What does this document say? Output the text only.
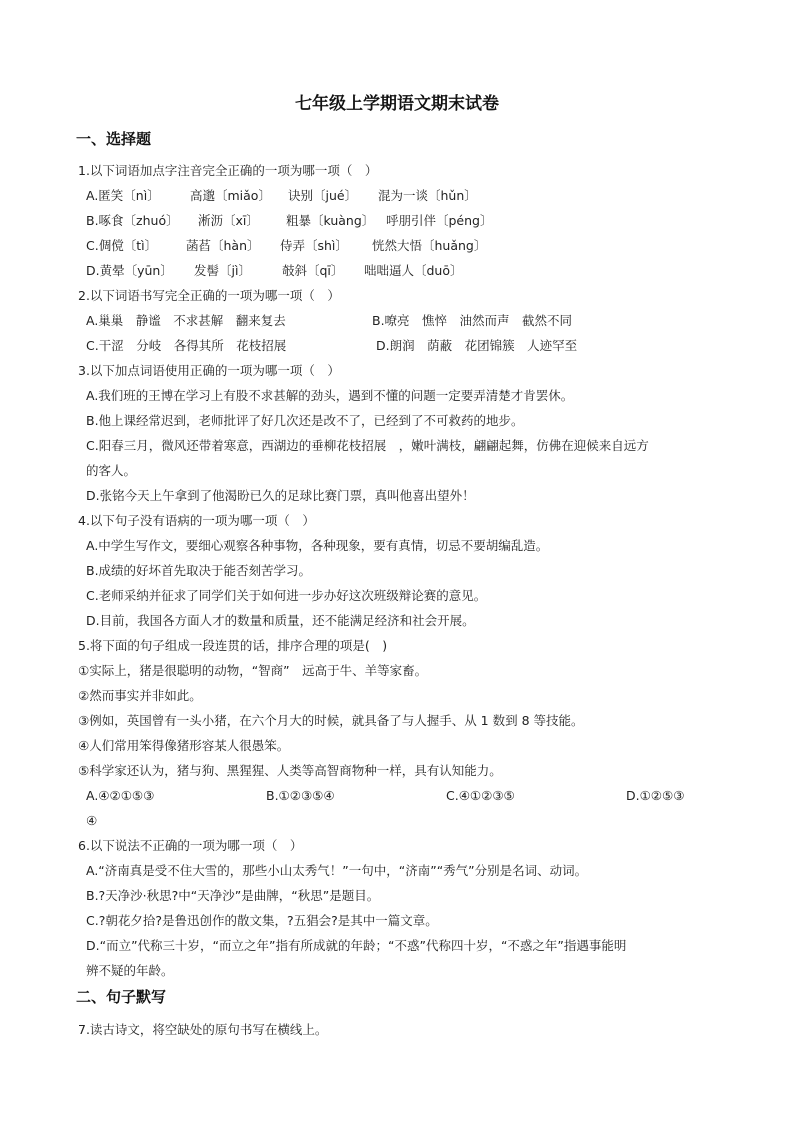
七年级上学期语文期末试卷
一、选择题
1.以下词语加点字注音完全正确的一项为哪一项（　）
A.匿笑〔nì〕 高邈〔miǎo〕 诀别〔jué〕 混为一谈〔hǔn〕
B.啄食〔zhuó〕 淅沥〔xī〕 粗暴〔kuàng〕 呼朋引伴〔péng〕
C.倜傥〔tì〕 菡萏〔hàn〕 侍弄〔shì〕 恍然大悟〔huǎng〕
D.黄晕〔yūn〕 发髻〔jì〕 攲斜〔qī〕 咄咄逼人〔duō〕
2.以下词语书写完全正确的一项为哪一项（　）
A.巢巢　静谧　不求甚解　翻来复去	B.嘹亮　憔悴　油然而声　截然不同
C.干涩　分岐　各得其所　花枝招展	D.朗润　荫蔽　花团锦簇　人迹罕至
3.以下加点词语使用正确的一项为哪一项（　）
A.我们班的王博在学习上有股不求甚解的劲头，遇到不懂的问题一定要弄清楚才肯罢休。
B.他上课经常迟到，老师批评了好几次还是改不了，已经到了不可救药的地步。
C.阳春三月，微风还带着寒意，西湖边的垂柳花枝招展　，嫩叶满枝，翩翩起舞，仿佛在迎候来自远方
的客人。
D.张铭今天上午拿到了他渴盼已久的足球比赛门票，真叫他喜出望外！
4.以下句子没有语病的一项为哪一项（　）
A.中学生写作文，要细心观察各种事物，各种现象，要有真情，切忌不要胡编乱造。
B.成绩的好坏首先取决于能否刻苦学习。
C.老师采纳并征求了同学们关于如何进一步办好这次班级辩论赛的意见。
D.目前，我国各方面人才的数量和质量，还不能满足经济和社会开展。
5.将下面的句子组成一段连贯的话，排序合理的项是(　)
①实际上，猪是很聪明的动物，“智商”　远高于牛、羊等家畜。
②然而事实并非如此。
③例如，英国曾有一头小猪，在六个月大的时候，就具备了与人握手、从 1 数到 8 等技能。
④人们常用笨得像猪形容某人很愚笨。
⑤科学家还认为，猪与狗、黑猩猩、人类等高智商物种一样，具有认知能力。
A.④②①⑤③	B.①②③⑤④	C.④①②③⑤	D.①②⑤③
④
6.以下说法不正确的一项为哪一项（　）
A.“济南真是受不住大雪的，那些小山太秀气！”一句中，“济南”“秀气”分别是名词、动词。
B.?天净沙·秋思?中“天净沙”是曲牌，“秋思”是题目。
C.?朝花夕拾?是鲁迅创作的散文集，?五猖会?是其中一篇文章。
D.“而立”代称三十岁，“而立之年”指有所成就的年龄；“不惑”代称四十岁，“不惑之年”指遇事能明
辨不疑的年龄。
二、句子默写
7.读古诗文，将空缺处的原句书写在横线上。
